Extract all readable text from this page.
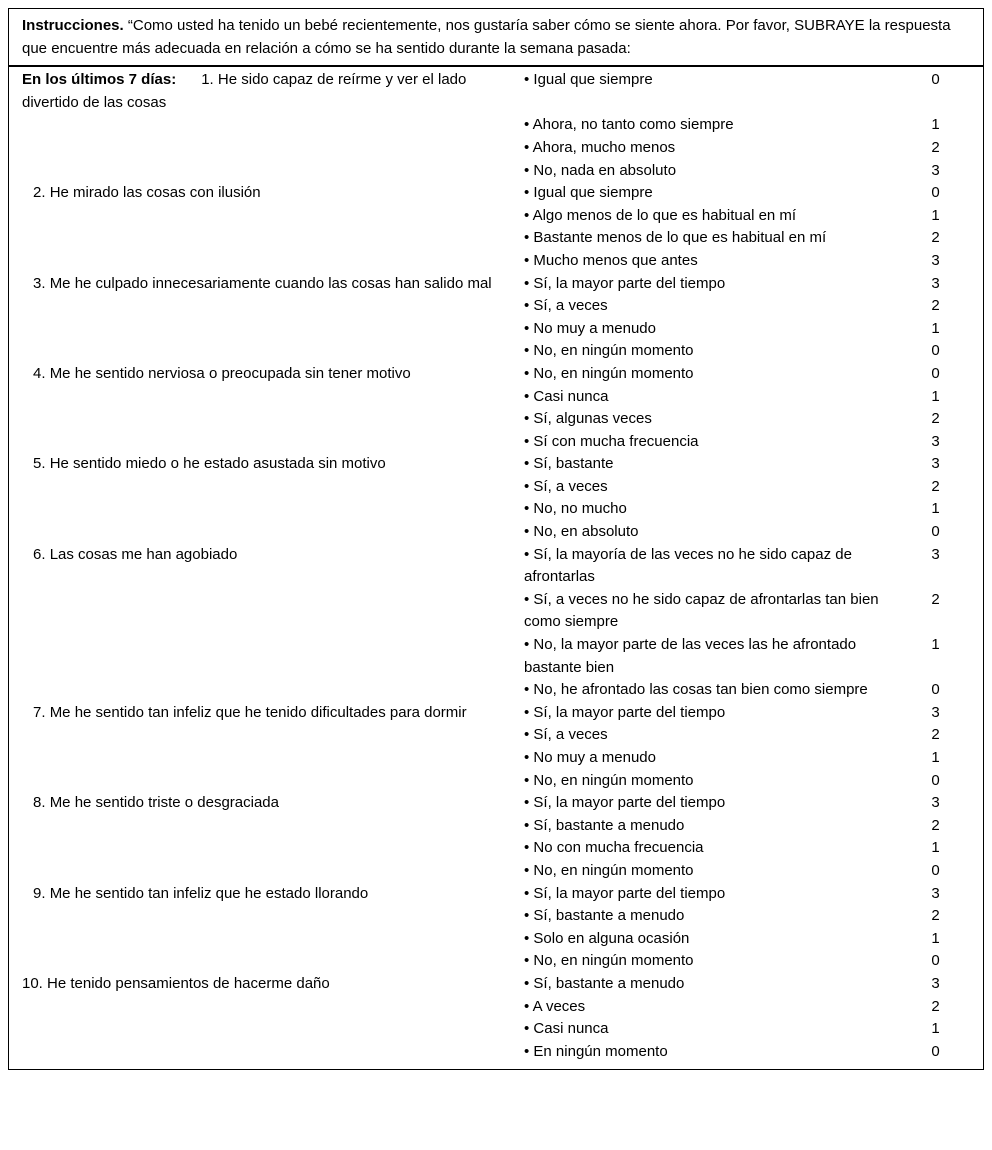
Instrucciones. “Como usted ha tenido un bebé recientemente, nos gustaría saber cómo se siente ahora. Por favor, SUBRAYE la respuesta que encuentre más adecuada en relación a cómo se ha sentido durante la semana pasada:
En los últimos 7 días: 1. He sido capaz de reírme y ver el lado divertido de las cosas	• Igual que siempre	0
	• Ahora, no tanto como siempre	1
	• Ahora, mucho menos	2
	• No, nada en absoluto	3
2. He mirado las cosas con ilusión	• Igual que siempre	0
	• Algo menos de lo que es habitual en mí	1
	• Bastante menos de lo que es habitual en mí	2
	• Mucho menos que antes	3
3. Me he culpado innecesariamente cuando las cosas han salido mal	• Sí, la mayor parte del tiempo	3
	• Sí, a veces	2
	• No muy a menudo	1
	• No, en ningún momento	0
4. Me he sentido nerviosa o preocupada sin tener motivo	• No, en ningún momento	0
	• Casi nunca	1
	• Sí, algunas veces	2
	• Sí con mucha frecuencia	3
5. He sentido miedo o he estado asustada sin motivo	• Sí, bastante	3
	• Sí, a veces	2
	• No, no mucho	1
	• No, en absoluto	0
6. Las cosas me han agobiado	• Sí, la mayoría de las veces no he sido capaz de afrontarlas	3
	• Sí, a veces no he sido capaz de afrontarlas tan bien como siempre	2
	• No, la mayor parte de las veces las he afrontado bastante bien	1
	• No, he afrontado las cosas tan bien como siempre	0
7. Me he sentido tan infeliz que he tenido dificultades para dormir	• Sí, la mayor parte del tiempo	3
	• Sí, a veces	2
	• No muy a menudo	1
	• No, en ningún momento	0
8. Me he sentido triste o desgraciada	• Sí, la mayor parte del tiempo	3
	• Sí, bastante a menudo	2
	• No con mucha frecuencia	1
	• No, en ningún momento	0
9. Me he sentido tan infeliz que he estado llorando	• Sí, la mayor parte del tiempo	3
	• Sí, bastante a menudo	2
	• Solo en alguna ocasión	1
	• No, en ningún momento	0
10. He tenido pensamientos de hacerme daño	• Sí, bastante a menudo	3
	• A veces	2
	• Casi nunca	1
	• En ningún momento	0
